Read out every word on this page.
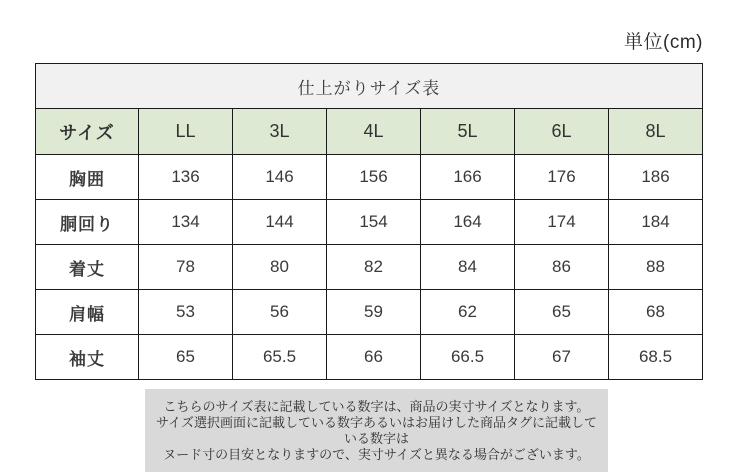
単位(cm)
仕上がりサイズ表						
サイズ	LL	3L	4L	5L	6L	8L
胸囲	136	146	156	166	176	186
胴回り	134	144	154	164	174	184
着丈	78	80	82	84	86	88
肩幅	53	56	59	62	65	68
袖丈	65	65.5	66	66.5	67	68.5

こちらのサイズ表に記載している数字は、商品の実寸サイズとなります。

サイズ選択画面に記載している数字あるいはお届けした商品タグに記載している数字は

ヌード寸の目安となりますので、実寸サイズと異なる場合がございます。
